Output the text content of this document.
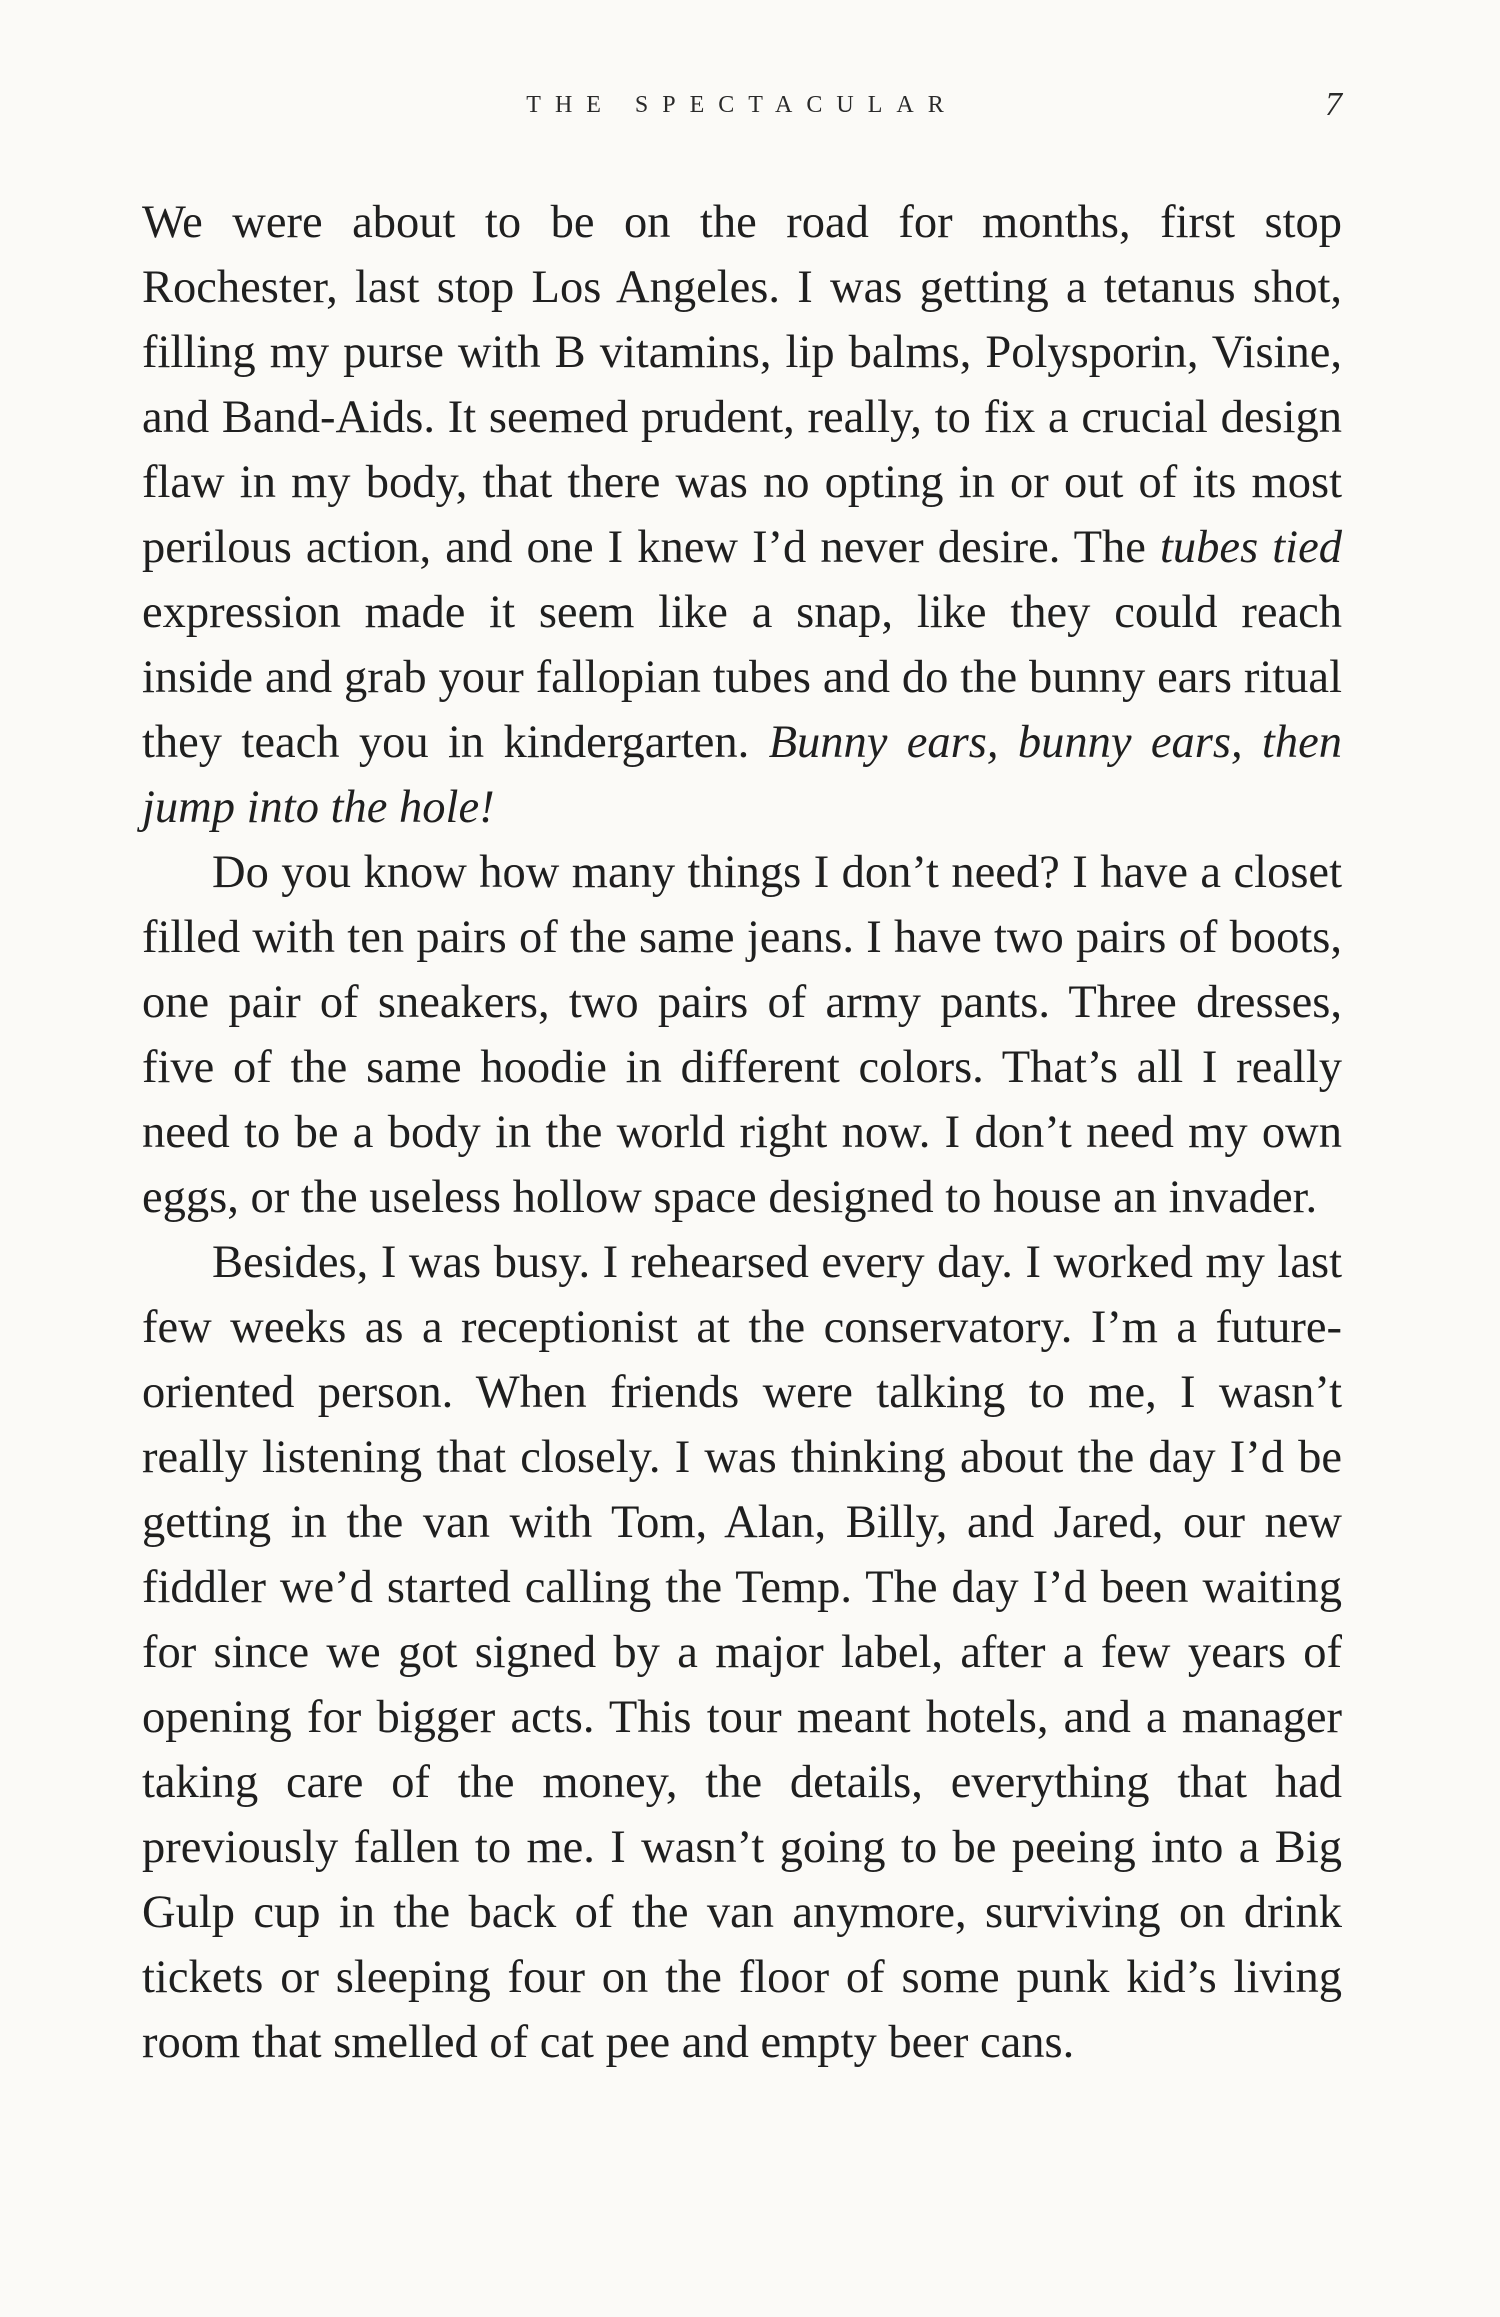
THE SPECTACULAR	7

We were about to be on the road for months, first stop Rochester, last stop Los Angeles. I was getting a tetanus shot, filling my purse with B vitamins, lip balms, Polysporin, Visine, and Band-Aids. It seemed prudent, really, to fix a crucial design flaw in my body, that there was no opting in or out of its most perilous action, and one I knew I’d never desire. The tubes tied expression made it seem like a snap, like they could reach inside and grab your fallopian tubes and do the bunny ears ritual they teach you in kindergarten. Bunny ears, bunny ears, then jump into the hole!

Do you know how many things I don’t need? I have a closet filled with ten pairs of the same jeans. I have two pairs of boots, one pair of sneakers, two pairs of army pants. Three dresses, five of the same hoodie in different colors. That’s all I really need to be a body in the world right now. I don’t need my own eggs, or the useless hollow space designed to house an invader.

Besides, I was busy. I rehearsed every day. I worked my last few weeks as a receptionist at the conservatory. I’m a future-oriented person. When friends were talking to me, I wasn’t really listening that closely. I was thinking about the day I’d be getting in the van with Tom, Alan, Billy, and Jared, our new fiddler we’d started calling the Temp. The day I’d been waiting for since we got signed by a major label, after a few years of opening for bigger acts. This tour meant hotels, and a manager taking care of the money, the details, everything that had previously fallen to me. I wasn’t going to be peeing into a Big Gulp cup in the back of the van anymore, surviving on drink tickets or sleeping four on the floor of some punk kid’s living room that smelled of cat pee and empty beer cans.
